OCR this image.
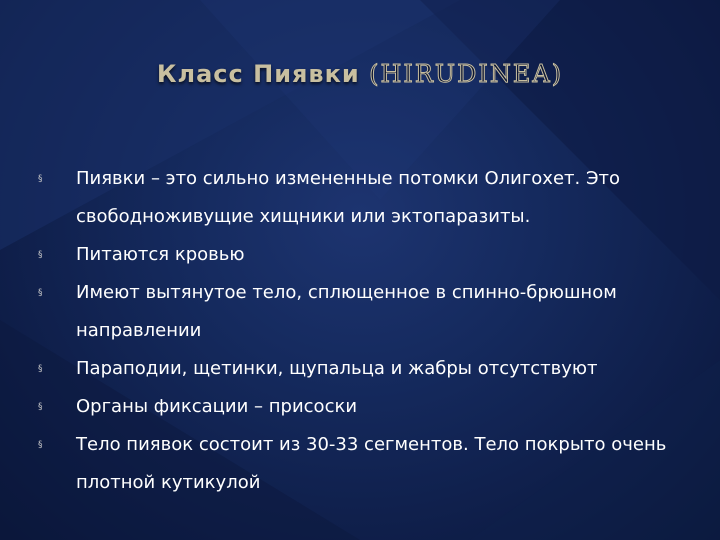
Класс Пиявки (HIRUDINEA)
§	Пиявки – это сильно измененные потомки Олигохет. Это свободноживущие хищники или эктопаразиты.
§	Питаются кровью
§	Имеют вытянутое тело, сплющенное в спинно-брюшном направлении
§	Параподии, щетинки, щупальца и жабры отсутствуют
§	Органы фиксации – присоски
§	Тело пиявок состоит из 30-33 сегментов. Тело покрыто очень плотной кутикулой
